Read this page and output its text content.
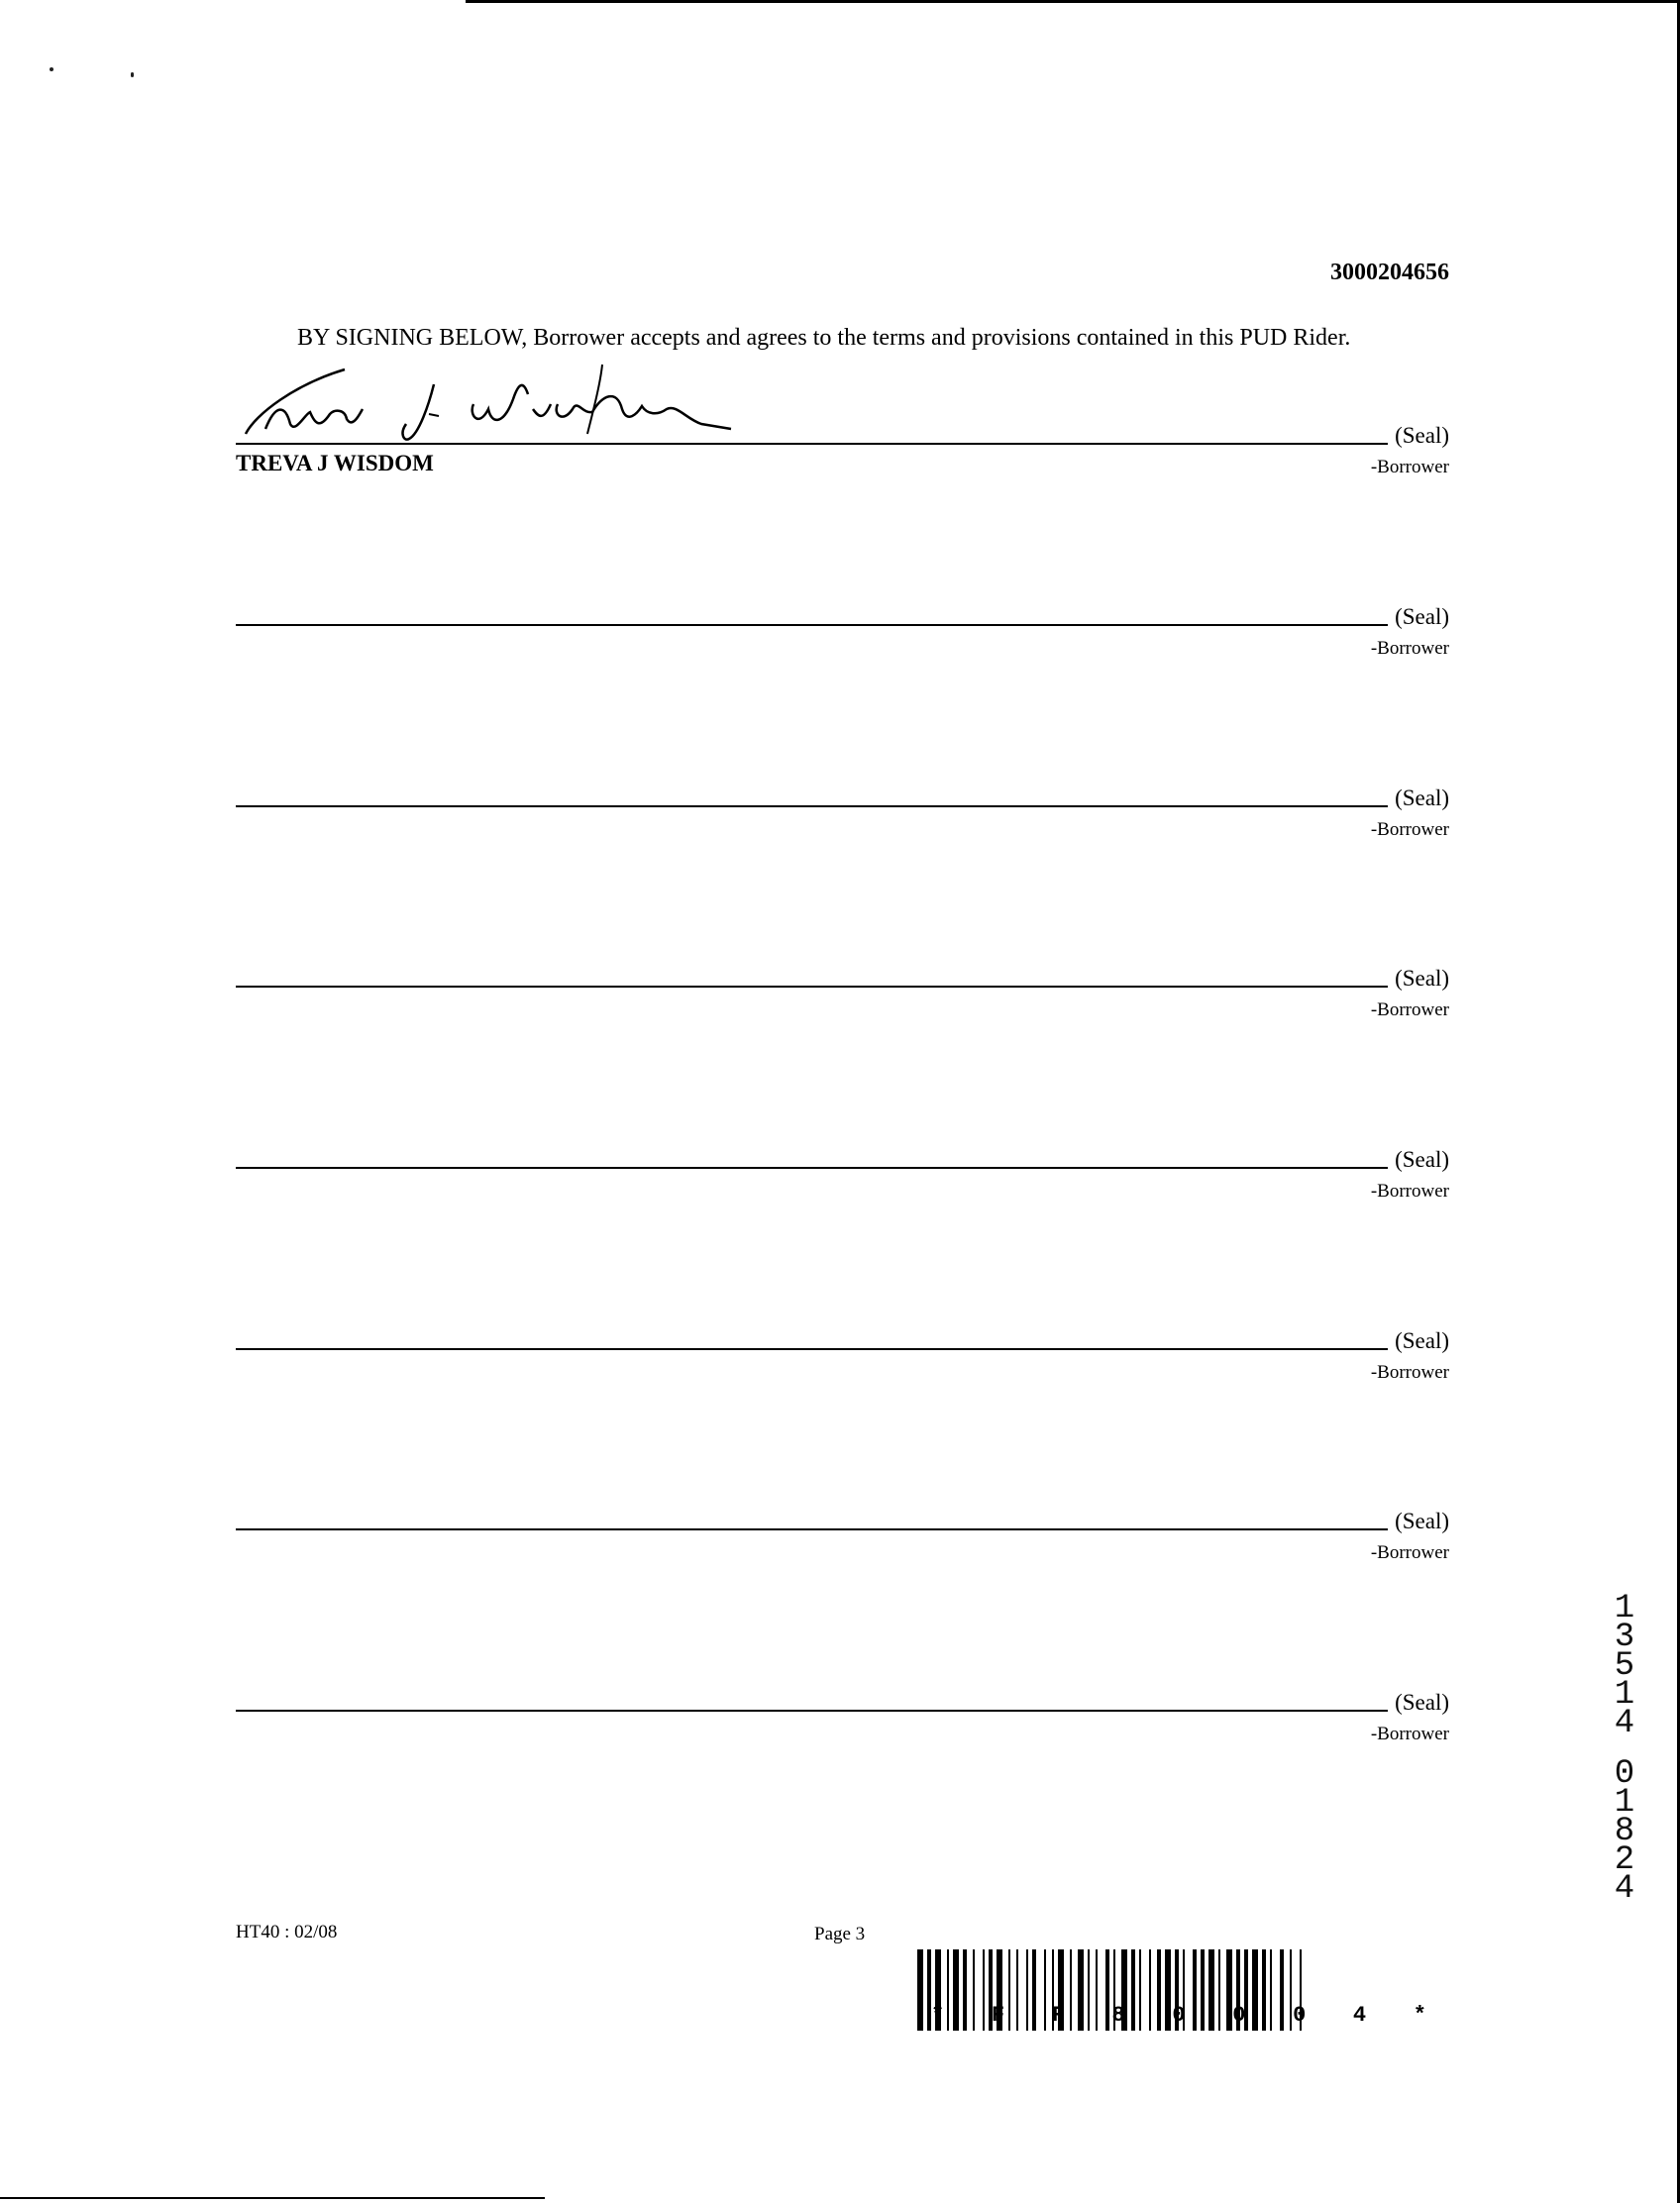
3000204656
BY SIGNING BELOW, Borrower accepts and agrees to the terms and provisions contained in this PUD Rider.
(Seal)
TREVA J WISDOM	-Borrower
(Seal)
-Borrower
(Seal)
-Borrower
(Seal)
-Borrower
(Seal)
-Borrower
(Seal)
-Borrower
(Seal)
-Borrower
(Seal)
-Borrower
1
3
5
1
4
0
1
8
2
4
HT40 : 02/08	Page 3
* F F 8 0 0 0 4 *
